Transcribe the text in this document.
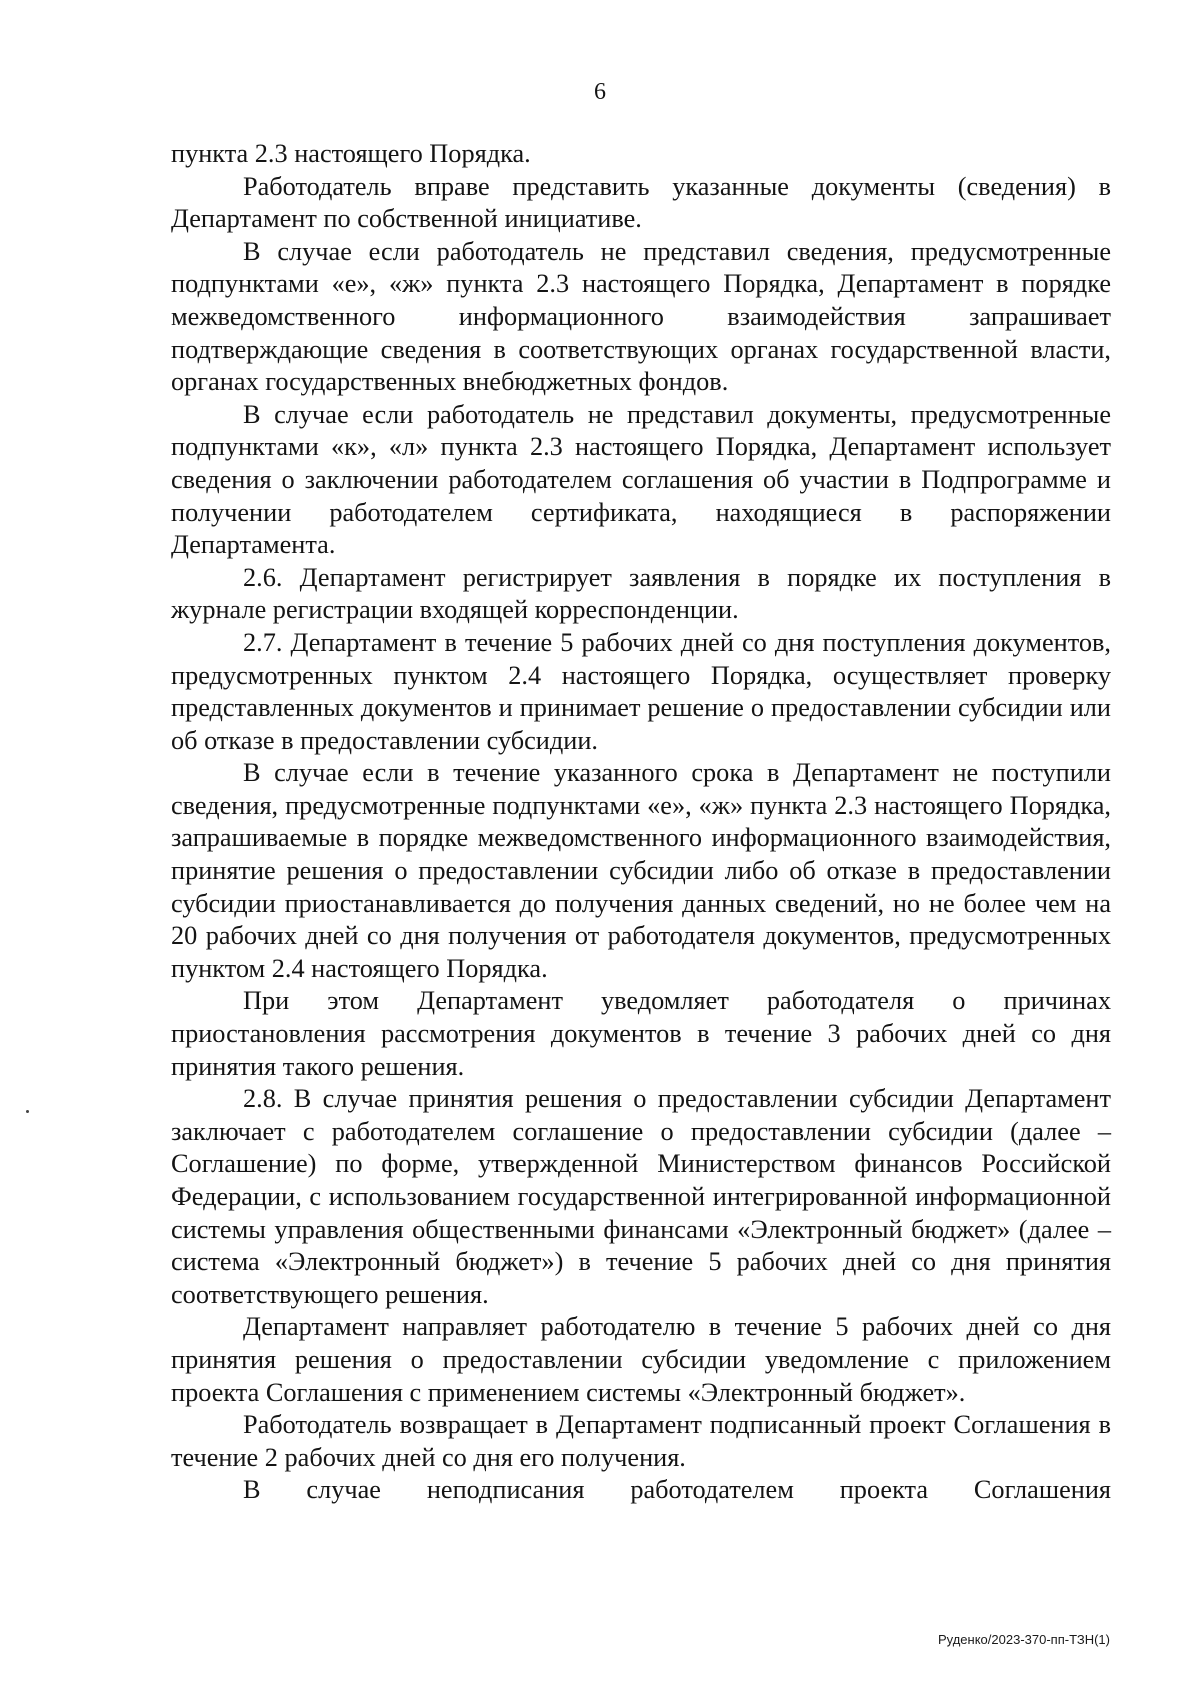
6

пункта 2.3 настоящего Порядка.

Работодатель вправе представить указанные документы (сведения) в Департамент по собственной инициативе.

В случае если работодатель не представил сведения, предусмотренные подпунктами «е», «ж» пункта 2.3 настоящего Порядка, Департамент в порядке межведомственного информационного взаимодействия запрашивает подтверждающие сведения в соответствующих органах государственной власти, органах государственных внебюджетных фондов.

В случае если работодатель не представил документы, предусмотренные подпунктами «к», «л» пункта 2.3 настоящего Порядка, Департамент использует сведения о заключении работодателем соглашения об участии в Подпрограмме и получении работодателем сертификата, находящиеся в распоряжении Департамента.

2.6. Департамент регистрирует заявления в порядке их поступления в журнале регистрации входящей корреспонденции.

2.7. Департамент в течение 5 рабочих дней со дня поступления документов, предусмотренных пунктом 2.4 настоящего Порядка, осуществляет проверку представленных документов и принимает решение о предоставлении субсидии или об отказе в предоставлении субсидии.

В случае если в течение указанного срока в Департамент не поступили сведения, предусмотренные подпунктами «е», «ж» пункта 2.3 настоящего Порядка, запрашиваемые в порядке межведомственного информационного взаимодействия, принятие решения о предоставлении субсидии либо об отказе в предоставлении субсидии приостанавливается до получения данных сведений, но не более чем на 20 рабочих дней со дня получения от работодателя документов, предусмотренных пунктом 2.4 настоящего Порядка.

При этом Департамент уведомляет работодателя о причинах приостановления рассмотрения документов в течение 3 рабочих дней со дня принятия такого решения.

2.8. В случае принятия решения о предоставлении субсидии Департамент заключает с работодателем соглашение о предоставлении субсидии (далее – Соглашение) по форме, утвержденной Министерством финансов Российской Федерации, с использованием государственной интегрированной информационной системы управления общественными финансами «Электронный бюджет» (далее – система «Электронный бюджет») в течение 5 рабочих дней со дня принятия соответствующего решения.

Департамент направляет работодателю в течение 5 рабочих дней со дня принятия решения о предоставлении субсидии уведомление с приложением проекта Соглашения с применением системы «Электронный бюджет».

Работодатель возвращает в Департамент подписанный проект Соглашения в течение 2 рабочих дней со дня его получения.

В случае неподписания работодателем проекта Соглашения

Руденко/2023-370-пп-ТЗН(1)
